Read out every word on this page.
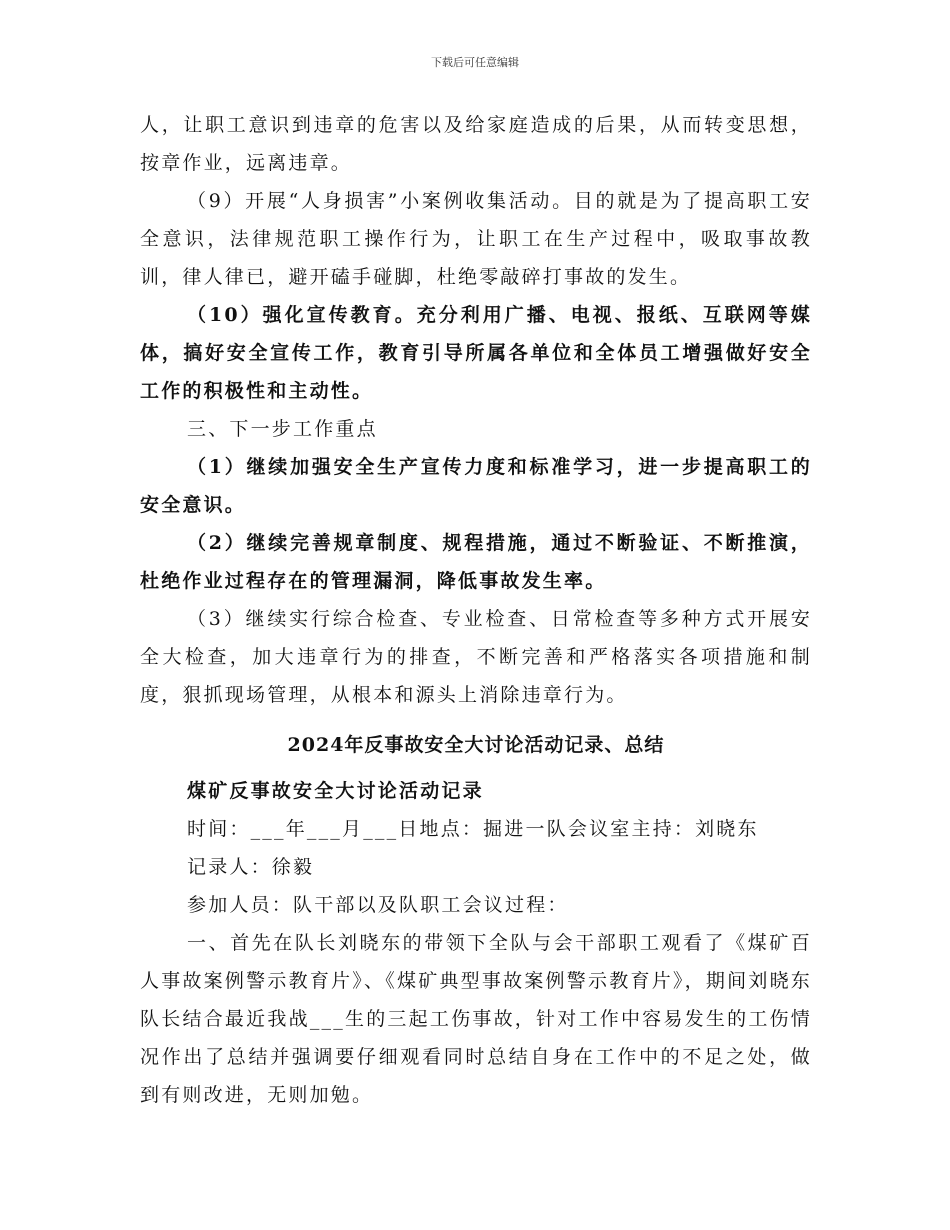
下载后可任意编辑

人，让职工意识到违章的危害以及给家庭造成的后果，从而转变思想，按章作业，远离违章。

（9）开展“人身损害”小案例收集活动。目的就是为了提高职工安全意识，法律规范职工操作行为，让职工在生产过程中，吸取事故教训，律人律已，避开磕手碰脚，杜绝零敲碎打事故的发生。

（10）强化宣传教育。充分利用广播、电视、报纸、互联网等媒体，搞好安全宣传工作，教育引导所属各单位和全体员工增强做好安全工作的积极性和主动性。

三、下一步工作重点

（1）继续加强安全生产宣传力度和标准学习，进一步提高职工的安全意识。

（2）继续完善规章制度、规程措施，通过不断验证、不断推演，杜绝作业过程存在的管理漏洞，降低事故发生率。

（3）继续实行综合检查、专业检查、日常检查等多种方式开展安全大检查，加大违章行为的排查，不断完善和严格落实各项措施和制度，狠抓现场管理，从根本和源头上消除违章行为。

2024年反事故安全大讨论活动记录、总结

煤矿反事故安全大讨论活动记录

时间：___年___月___日地点：掘进一队会议室主持：刘晓东

记录人：徐毅

参加人员：队干部以及队职工会议过程：

一、首先在队长刘晓东的带领下全队与会干部职工观看了《煤矿百人事故案例警示教育片》、《煤矿典型事故案例警示教育片》，期间刘晓东队长结合最近我战___生的三起工伤事故，针对工作中容易发生的工伤情况作出了总结并强调要仔细观看同时总结自身在工作中的不足之处，做到有则改进，无则加勉。
